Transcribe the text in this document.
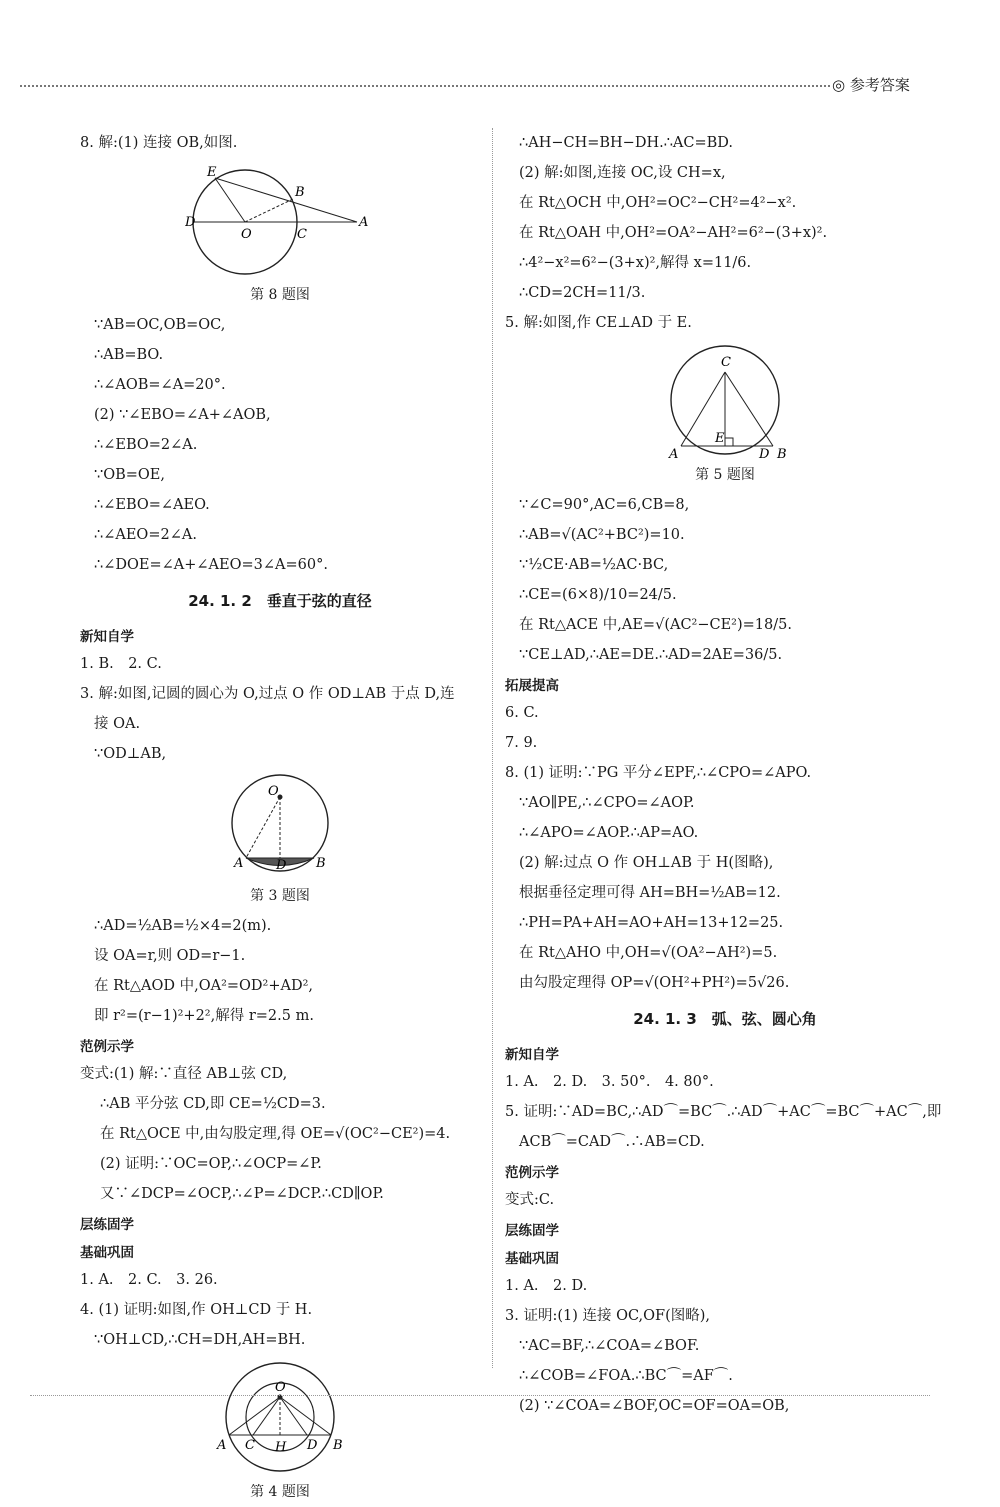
◎ 参考答案
8. 解:(1) 连接 OB,如图.
E
B
D
O	C
A
第 8 题图
∵AB=OC,OB=OC,
∴AB=BO.
∴∠AOB=∠A=20°.
(2) ∵∠EBO=∠A+∠AOB,
∴∠EBO=2∠A.
∵OB=OE,
∴∠EBO=∠AEO.
∴∠AEO=2∠A.
∴∠DOE=∠A+∠AEO=3∠A=60°.
24. 1. 2　垂直于弦的直径
新知自学
1. B.　2. C.
3. 解:如图,记圆的圆心为 O,过点 O 作 OD⊥AB 于点 D,连
接 OA.
∵OD⊥AB,
O
A	D B
第 3 题图
∴AD=½AB=½×4=2(m).
设 OA=r,则 OD=r−1.
在 Rt△AOD 中,OA²=OD²+AD²,
即 r²=(r−1)²+2²,解得 r=2.5 m.
范例示学
变式:(1) 解:∵直径 AB⊥弦 CD,
∴AB 平分弦 CD,即 CE=½CD=3.
在 Rt△OCE 中,由勾股定理,得 OE=√(OC²−CE²)=4.
(2) 证明:∵OC=OP,∴∠OCP=∠P.
又∵∠DCP=∠OCP,∴∠P=∠DCP.∴CD∥OP.
层练固学
基础巩固
1. A.　2. C.　3. 26.
4. (1) 证明:如图,作 OH⊥CD 于 H.
∵OH⊥CD,∴CH=DH,AH=BH.
O
A C H D B
第 4 题图
∴AH−CH=BH−DH.∴AC=BD.
(2) 解:如图,连接 OC,设 CH=x,
在 Rt△OCH 中,OH²=OC²−CH²=4²−x².
在 Rt△OAH 中,OH²=OA²−AH²=6²−(3+x)².
∴4²−x²=6²−(3+x)²,解得 x=11/6.
∴CD=2CH=11/3.
5. 解:如图,作 CE⊥AD 于 E.
C
E
A	D B
第 5 题图
∵∠C=90°,AC=6,CB=8,
∴AB=√(AC²+BC²)=10.
∵½CE·AB=½AC·BC,
∴CE=(6×8)/10=24/5.
在 Rt△ACE 中,AE=√(AC²−CE²)=18/5.
∵CE⊥AD,∴AE=DE.∴AD=2AE=36/5.
拓展提高
6. C.
7. 9.
8. (1) 证明:∵PG 平分∠EPF,∴∠CPO=∠APO.
∵AO∥PE,∴∠CPO=∠AOP.
∴∠APO=∠AOP.∴AP=AO.
(2) 解:过点 O 作 OH⊥AB 于 H(图略),
根据垂径定理可得 AH=BH=½AB=12.
∴PH=PA+AH=AO+AH=13+12=25.
在 Rt△AHO 中,OH=√(OA²−AH²)=5.
由勾股定理得 OP=√(OH²+PH²)=5√26.
24. 1. 3　弧、弦、圆心角
新知自学
1. A.　2. D.　3. 50°.　4. 80°.
5. 证明:∵AD=BC,∴AD⌒=BC⌒.∴AD⌒+AC⌒=BC⌒+AC⌒,即
ACB⌒=CAD⌒.∴AB=CD.
范例示学
变式:C.
层练固学
基础巩固
1. A.　2. D.
3. 证明:(1) 连接 OC,OF(图略),
∵AC=BF,∴∠COA=∠BOF.
∴∠COB=∠FOA.∴BC⌒=AF⌒.
(2) ∵∠COA=∠BOF,OC=OF=OA=OB,
